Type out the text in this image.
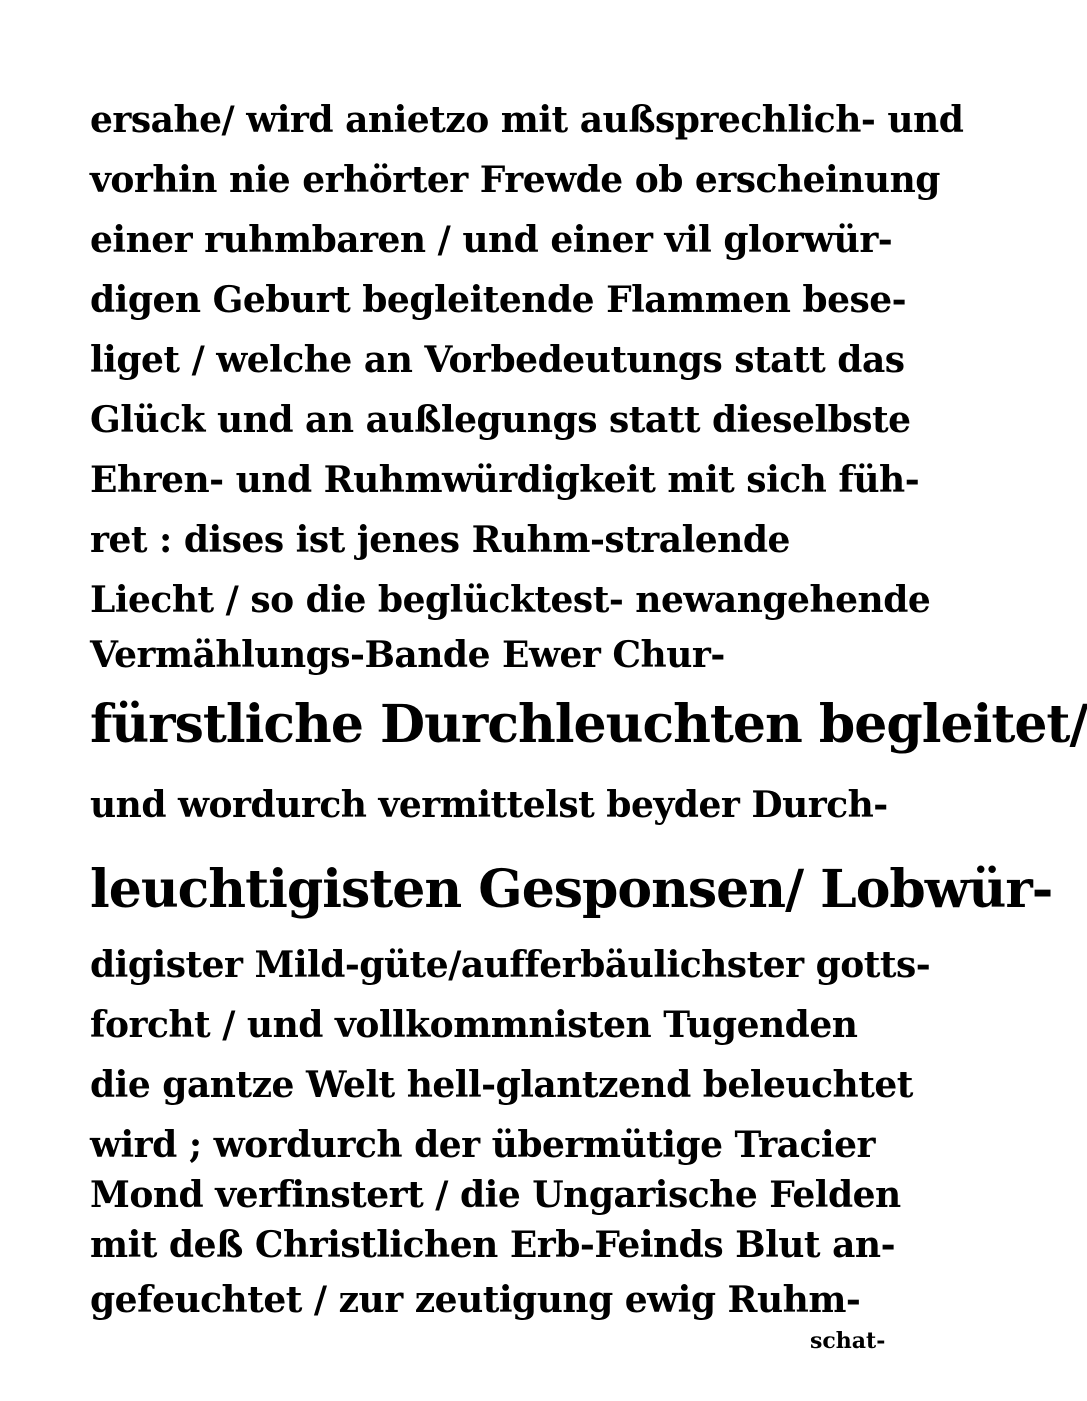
ersahe/ wird anietzo mit außsprechlich- und

vorhin nie erhörter Frewde ob erscheinung

einer ruhmbaren / und einer vil glorwür-

digen Geburt begleitende Flammen bese-

liget / welche an Vorbedeutungs statt das

Glück und an außlegungs statt dieselbste

Ehren- und Ruhmwürdigkeit mit sich füh-

ret : dises ist jenes Ruhm-stralende

Liecht / so die beglücktest- newangehende

Vermählungs-Bande Ewer Chur-

fürstliche Durchleuchten begleitet/

und wordurch vermittelst beyder Durch-

leuchtigisten Gesponsen/ Lobwür-

digister Mild-güte/aufferbäulichster gotts-

forcht / und vollkommnisten Tugenden

die gantze Welt hell-glantzend beleuchtet

wird ; wordurch der übermütige Tracier

Mond verfinstert / die Ungarische Felden

mit deß Christlichen Erb-Feinds Blut an-

gefeuchtet / zur zeutigung ewig Ruhm-

schat-
